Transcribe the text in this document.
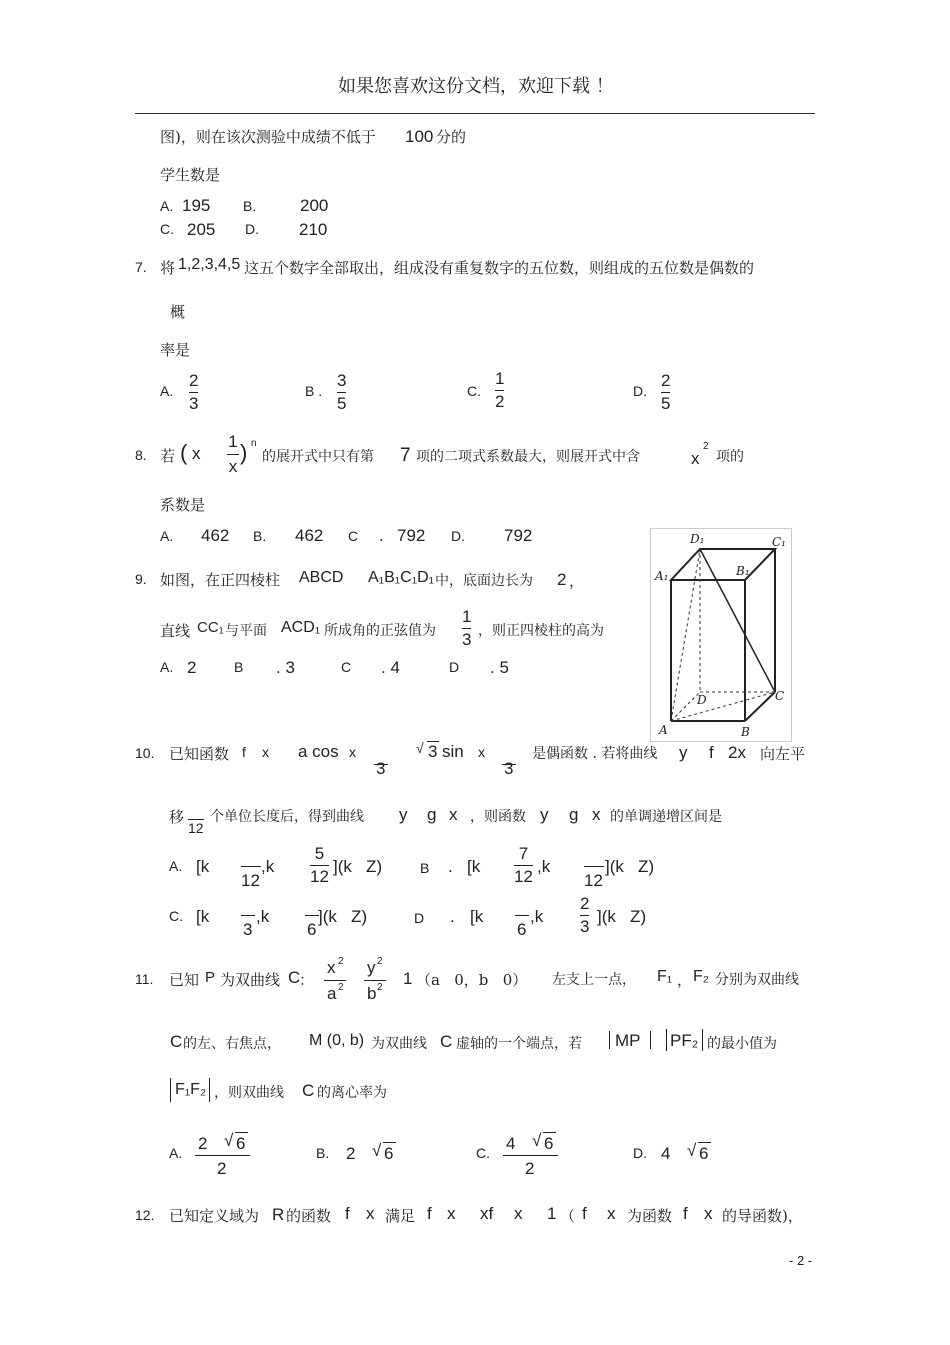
如果您喜欢这份文档，欢迎下载 ！
图)，则在该次测验中成绩不低于 100 分的
学生数是
A. 195 B.	200
C. 205 D. 210
7. 将 1,2,3,4,5 这五个数字全部取出，组成没有重复数字的五位数，则组成的五位数是偶数的
概
率是
A.
2
3
B .
3
5
C.
1
2
D.
2
5
8. 若 ( x
1
x
) n
的展开式中只有第 7 项的二项式系数最大，则展开式中含	x
2
项的
系数是
A. 462 B. 462 C . 792 D. 792
9. 如图，在正四棱柱 ABCD A₁B₁C₁D₁ 中，底面边长为 2 ，
直线 CC₁ 与平面 ACD₁ 所成角的正弦值为
1
3 ，则正四棱柱的高为
A. 2	B . 3	C . 4	D . 5
D₁	C₁
A₁	B₁
D	C
A	B
10. 已知函数 f x a cos x
3
√ 3 sin x
3
是偶函数 . 若将曲线 y f 2x 向左平
移
12
个单位长度后，得到曲线 y g x ，则函数 y g x 的单调递增区间是
A. [k
12
,k
5
12
](k   Z)	B . [k
7
12
,k
12
](k   Z)
C. [k
3
,k
6
](k   Z)	D . [k
6
,k
2
3
](k   Z)
11. 已知 P 为双曲线 C
：
x 2
a 2
y 2
b 2 1 （a   0，b   0） 左支上一点， F₁ ， F₂ 分别为双曲线
C 的左、右焦点， M (0, b) 为双曲线 C 虚轴的一个端点，若 MP PF₂ 的最小值为
F₁F₂ ，则双曲线 C 的离心率为
A. 2 √ 6
2
B. 2 √ 6	C. 4 √ 6
2
D. 4 √ 6
12. 已知定义域为 R 的函数 f x 满足 f x xf x 1 （ f x 为函数 f x 的导函数)，
- 2 -
